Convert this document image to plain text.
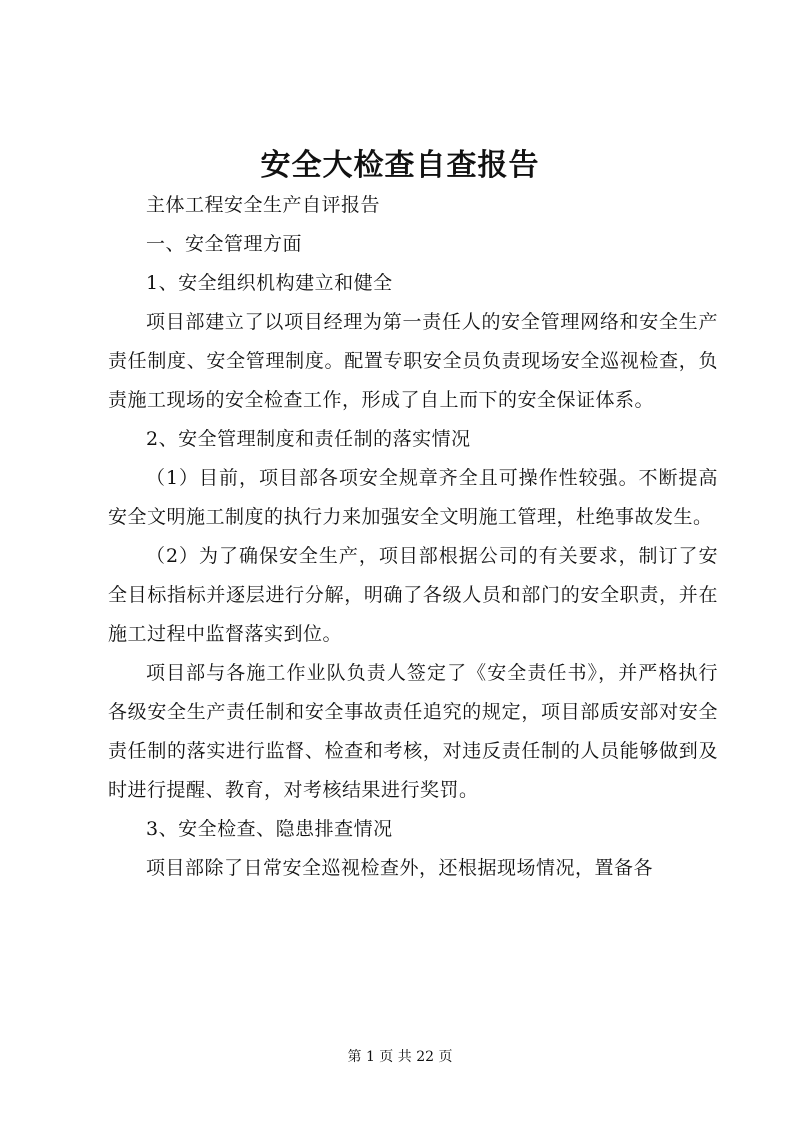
安全大检查自查报告

主体工程安全生产自评报告

一、安全管理方面

1、安全组织机构建立和健全

项目部建立了以项目经理为第一责任人的安全管理网络和安全生产责任制度、安全管理制度。配置专职安全员负责现场安全巡视检查，负责施工现场的安全检查工作，形成了自上而下的安全保证体系。

2、安全管理制度和责任制的落实情况

（1）目前，项目部各项安全规章齐全且可操作性较强。不断提高安全文明施工制度的执行力来加强安全文明施工管理，杜绝事故发生。

（2）为了确保安全生产，项目部根据公司的有关要求，制订了安全目标指标并逐层进行分解，明确了各级人员和部门的安全职责，并在施工过程中监督落实到位。

项目部与各施工作业队负责人签定了《安全责任书》，并严格执行各级安全生产责任制和安全事故责任追究的规定，项目部质安部对安全责任制的落实进行监督、检查和考核，对违反责任制的人员能够做到及时进行提醒、教育，对考核结果进行奖罚。

3、安全检查、隐患排查情况

项目部除了日常安全巡视检查外，还根据现场情况，置备各

第 1 页 共 22 页
